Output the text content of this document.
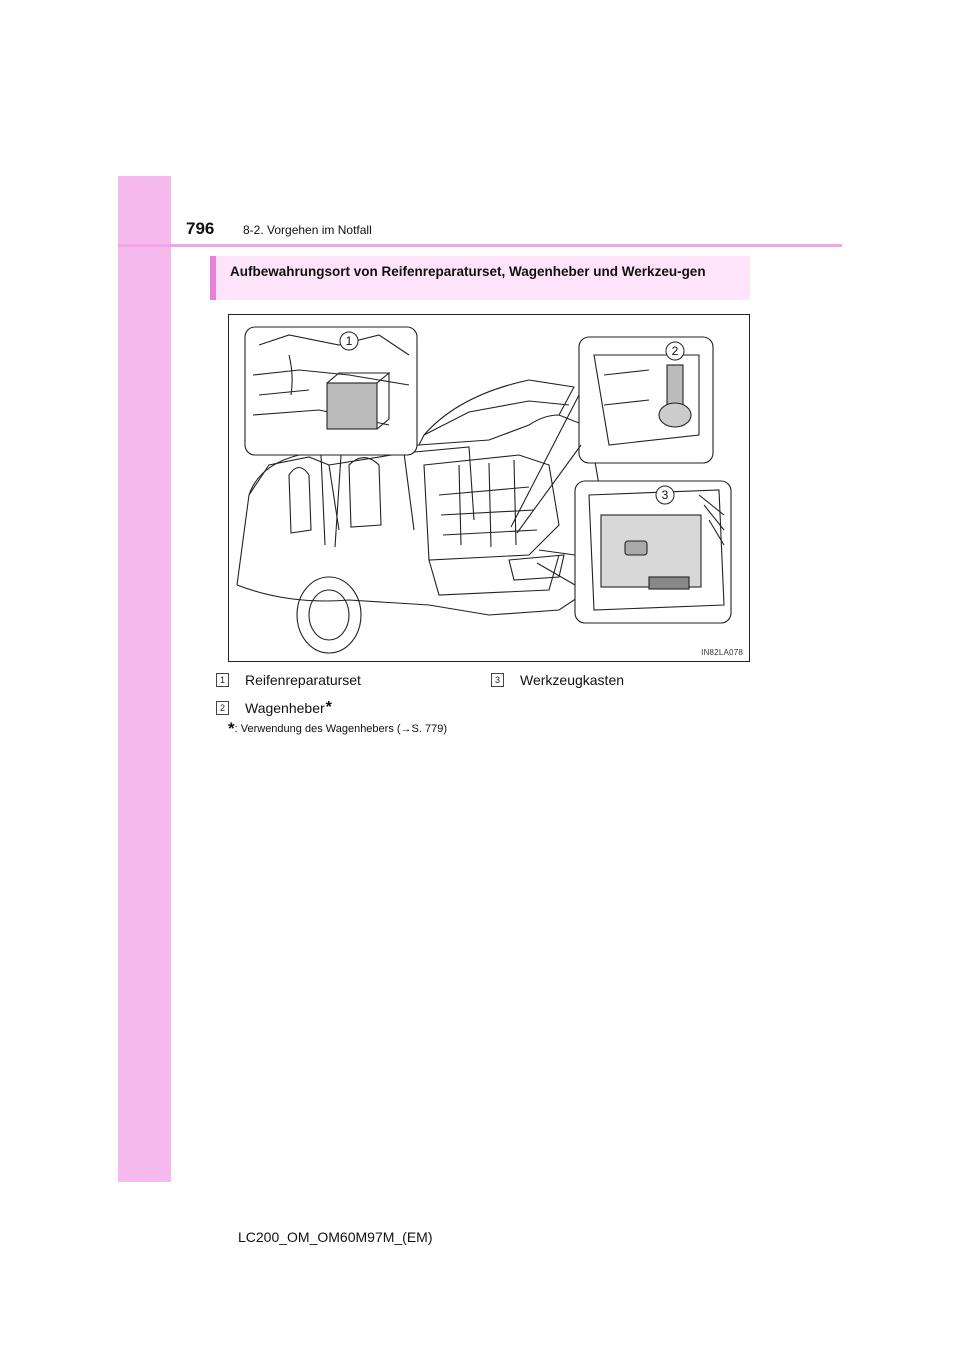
796 8-2. Vorgehen im Notfall
Aufbewahrungsort von Reifenreparaturset, Wagenheber und Werkzeu-gen
1
2
3
IN82LA078
1 Reifenreparaturset	3 Werkzeugkasten
2 Wagenheber *
*: Verwendung des Wagenhebers (→S. 779)
LC200_OM_OM60M97M_(EM)
